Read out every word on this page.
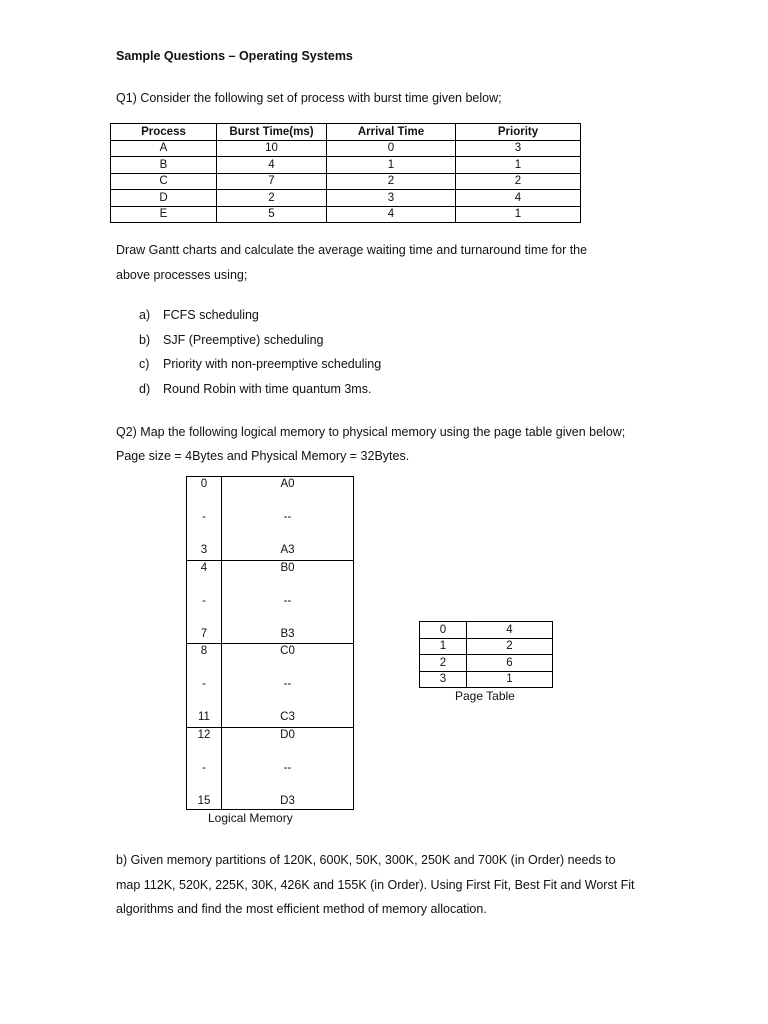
Sample Questions – Operating Systems
Q1) Consider the following set of process with burst time given below;
Process	Burst Time(ms)	Arrival Time	Priority
A	10	0	3
B	4	1	1
C	7	2	2
D	2	3	4
E	5	4	1
Draw Gantt charts and calculate the average waiting time and turnaround time for the
above processes using;
a)	FCFS scheduling
b)	SJF (Preemptive) scheduling
c)	Priority with non-preemptive scheduling
d)	Round Robin with time quantum 3ms.
Q2) Map the following logical memory to physical memory using the page table given below;
Page size = 4Bytes and Physical Memory = 32Bytes.
0	A0
-	--
3	A3
4	B0
-	--
7	B3
8	C0
-	--
11	C3
12	D0
-	--
15	D3
Logical Memory
0	4
1	2
2	6
3	1
Page Table
b) Given memory partitions of 120K, 600K, 50K, 300K, 250K and 700K (in Order) needs to
map 112K, 520K, 225K, 30K, 426K and 155K (in Order). Using First Fit, Best Fit and Worst Fit
algorithms and find the most efficient method of memory allocation.
